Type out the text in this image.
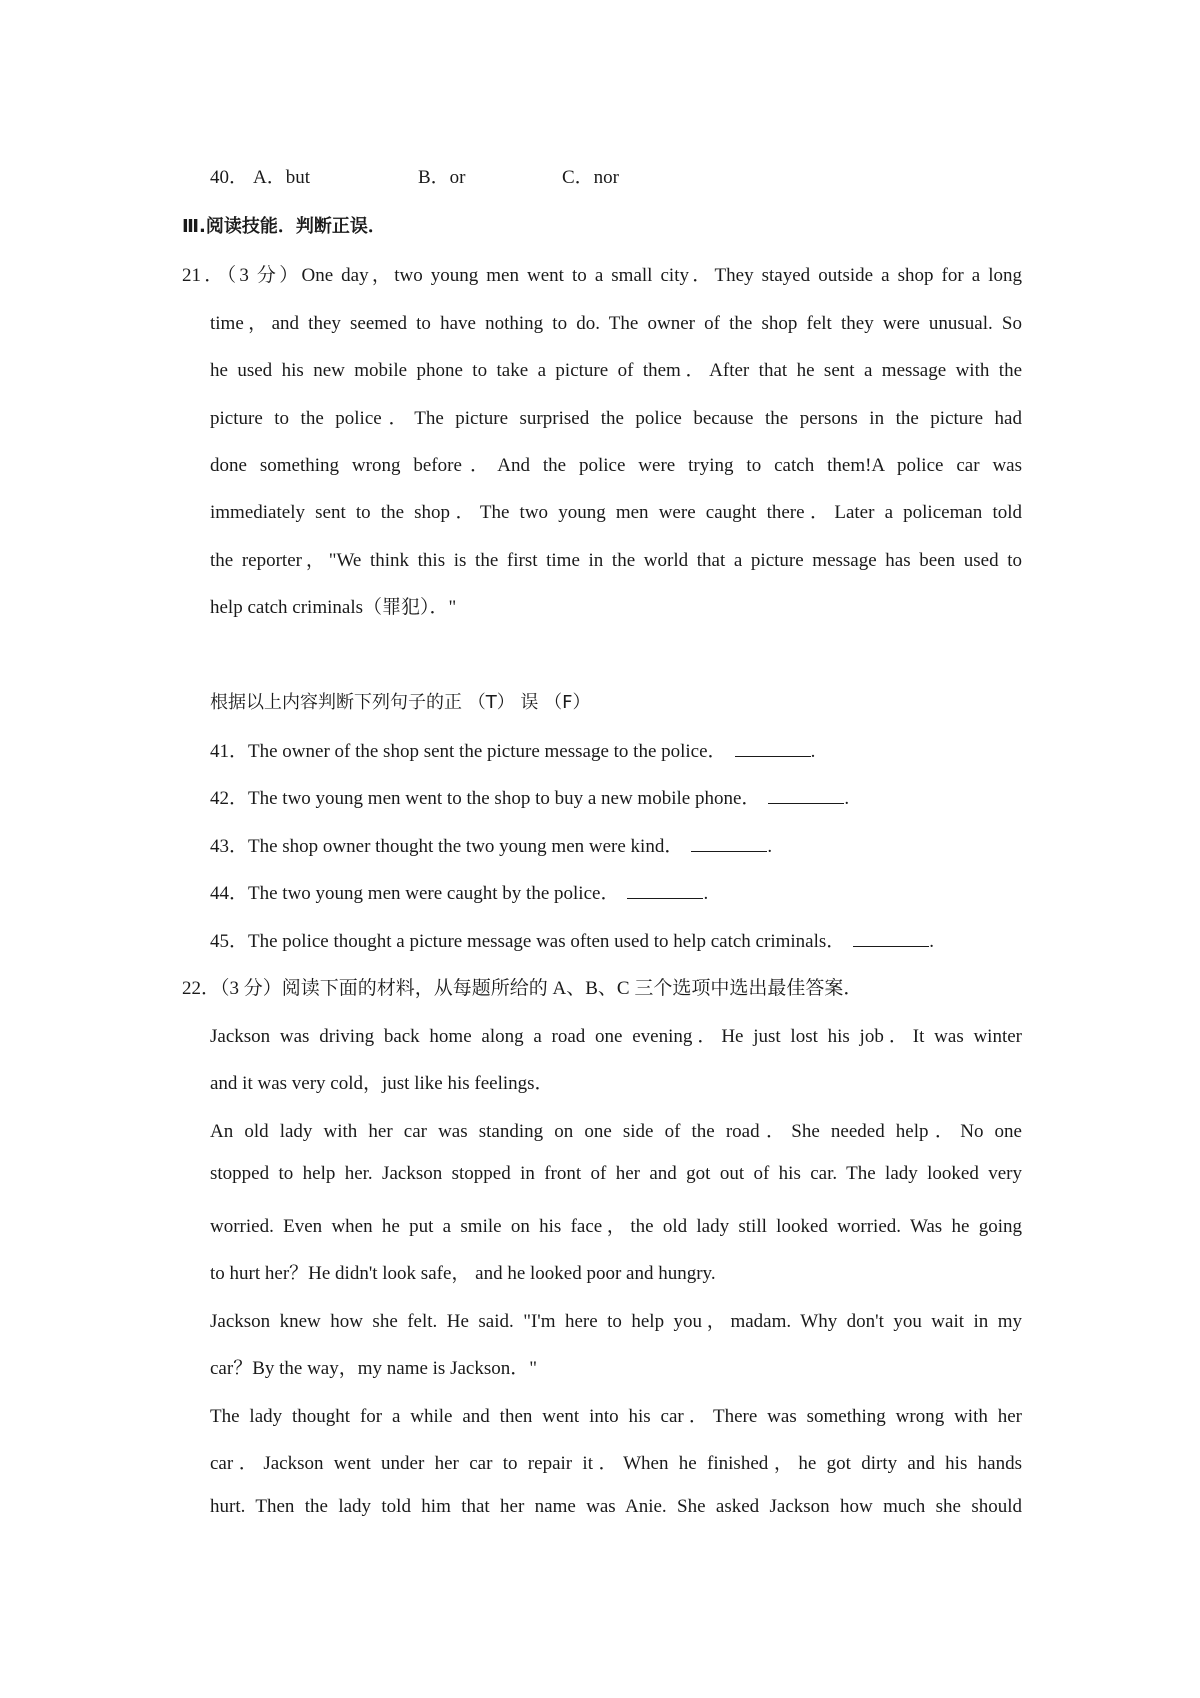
40． A．but	B．or	C．nor
Ⅲ.阅读技能．判断正误．
21．（3 分）One day，two young men went to a small city．They stayed outside a shop for a long
time，and they seemed to have nothing to do. The owner of the shop felt they were unusual. So
he used his new mobile phone to take a picture of them．After that he sent a message with the
picture to the police．The picture surprised the police because the persons in the picture had
done something wrong before．And the police were trying to catch them!A police car was
immediately sent to the shop．The two young men were caught there．Later a policeman told
the reporter，"We think this is the first time in the world that a picture message has been used to
help catch criminals（罪犯）．"
根据以上内容判断下列句子的正 （T） 误 （F）
41．The owner of the shop sent the picture message to the police．	.
42．The two young men went to the shop to buy a new mobile phone．	.
43．The shop owner thought the two young men were kind．	.
44．The two young men were caught by the police．	.
45．The police thought a picture message was often used to help catch criminals．	.
22．（3 分）阅读下面的材料，从每题所给的 A、B、C 三个选项中选出最佳答案．
Jackson was driving back home along a road one evening．He just lost his job．It was winter
and it was very cold，just like his feelings．
An old lady with her car was standing on one side of the road．She needed help．No one
stopped to help her. Jackson stopped in front of her and got out of his car. The lady looked very
worried. Even when he put a smile on his face，the old lady still looked worried. Was he going
to hurt her？He didn't look safe， and he looked poor and hungry.
Jackson knew how she felt. He said. "I'm here to help you，madam. Why don't you wait in my
car？By the way，my name is Jackson．"
The lady thought for a while and then went into his car．There was something wrong with her
car．Jackson went under her car to repair it．When he finished，he got dirty and his hands
hurt. Then the lady told him that her name was Anie. She asked Jackson how much she should
